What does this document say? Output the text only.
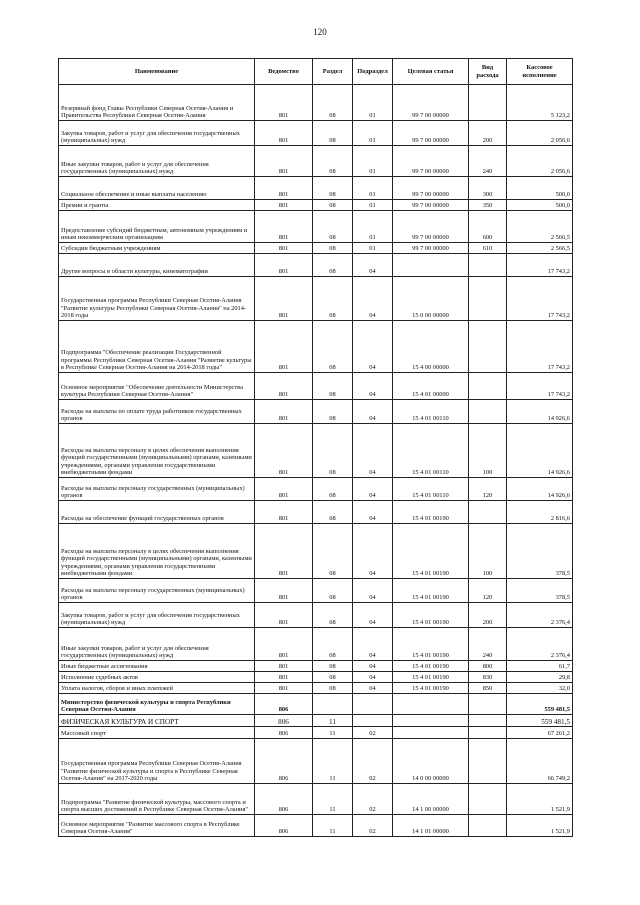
120
Наименование	Ведомство	Раздел	Подраздел	Целевая статья	Вид расхода	Кассовое исполнение
Резервный фонд Главы Республики Северная Осетия-Алания и Правительства Республики Северная Осетия-Алания	801	08	01	99 7 00 00000		5 123,2
Закупка товаров, работ и услуг для обеспечения государственных (муниципальных) нужд	801	08	01	99 7 00 00000	200	2 056,6
Иные закупки товаров, работ и услуг для обеспечения государственных (муниципальных) нужд	801	08	01	99 7 00 00000	240	2 056,6
Социальное обеспечение и иные выплаты населению	801	08	01	99 7 00 00000	300	500,0
Премии и гранты	801	08	01	99 7 00 00000	350	500,0
Предоставление субсидий бюджетным, автономным учреждениям и иным некоммерческим организациям	801	08	01	99 7 00 00000	600	2 566,5
Субсидии бюджетным учреждениям	801	08	01	99 7 00 00000	610	2 566,5
Другие вопросы в области культуры, кинематографии	801	08	04			17 743,2
Государственная программа Республики Северная Осетия-Алания "Развитие культуры Республики Северная Осетия-Алания" на 2014-2018 годы	801	08	04	15 0 00 00000		17 743,2
Подпрограмма "Обеспечение реализации Государственной программы Республики Северная Осетия-Алания "Развитие культуры в Республике Северная Осетия-Алания на 2014-2018 годы"	801	08	04	15 4 00 00000		17 743,2
Основное мероприятие "Обеспечение деятельности Министерства культуры Республики Северная Осетия-Алания"	801	08	04	15 4 01 00000		17 743,2
Расходы на выплаты по оплате труда работников государственных органов	801	08	04	15 4 01 00110		14 926,6
Расходы на выплаты персоналу в целях обеспечения выполнения функций государственными (муниципальными) органами, казенными учреждениями, органами управления государственными внебюджетными фондами	801	08	04	15 4 01 00110	100	14 926,6
Расходы на выплаты персоналу государственных (муниципальных) органов	801	08	04	15 4 01 00110	120	14 926,6
Расходы на обеспечение функций государственных органов	801	08	04	15 4 01 00190		2 816,6
Расходы на выплаты персоналу в целях обеспечения выполнения функций государственными (муниципальными) органами, казенными учреждениями, органами управления государственными внебюджетными фондами	801	08	04	15 4 01 00190	100	378,5
Расходы на выплаты персоналу государственных (муниципальных) органов	801	08	04	15 4 01 00190	120	378,5
Закупка товаров, работ и услуг для обеспечения государственных (муниципальных) нужд	801	08	04	15 4 01 00190	200	2 376,4
Иные закупки товаров, работ и услуг для обеспечения государственных (муниципальных) нужд	801	08	04	15 4 01 00190	240	2 376,4
Иные бюджетные ассигнования	801	08	04	15 4 01 00190	800	61,7
Исполнение судебных актов	801	08	04	15 4 01 00190	830	29,8
Уплата налогов, сборов и иных платежей	801	08	04	15 4 01 00190	850	32,0
Министерство физической культуры и спорта Республики Северная Осетия-Алания	806					559 481,5
ФИЗИЧЕСКАЯ КУЛЬТУРА И СПОРТ	806	11				559 481,5
Массовый спорт	806	11	02			67 261,2
Государственная программа Республики Северная Осетия-Алания "Развитие физической культуры и спорта в Республике Северная Осетия-Алания" на 2017-2020 годы	806	11	02	14 0 00 00000		66 749,2
Подпрограмма "Развитие физической культуры, массового спорта и спорта высших достижений в Республике Северная Осетия-Алания"	806	11	02	14 1 00 00000		1 521,9
Основное мероприятие "Развитие массового спорта в Республике Северная Осетия-Алания"	806	11	02	14 1 01 00000		1 521,9
